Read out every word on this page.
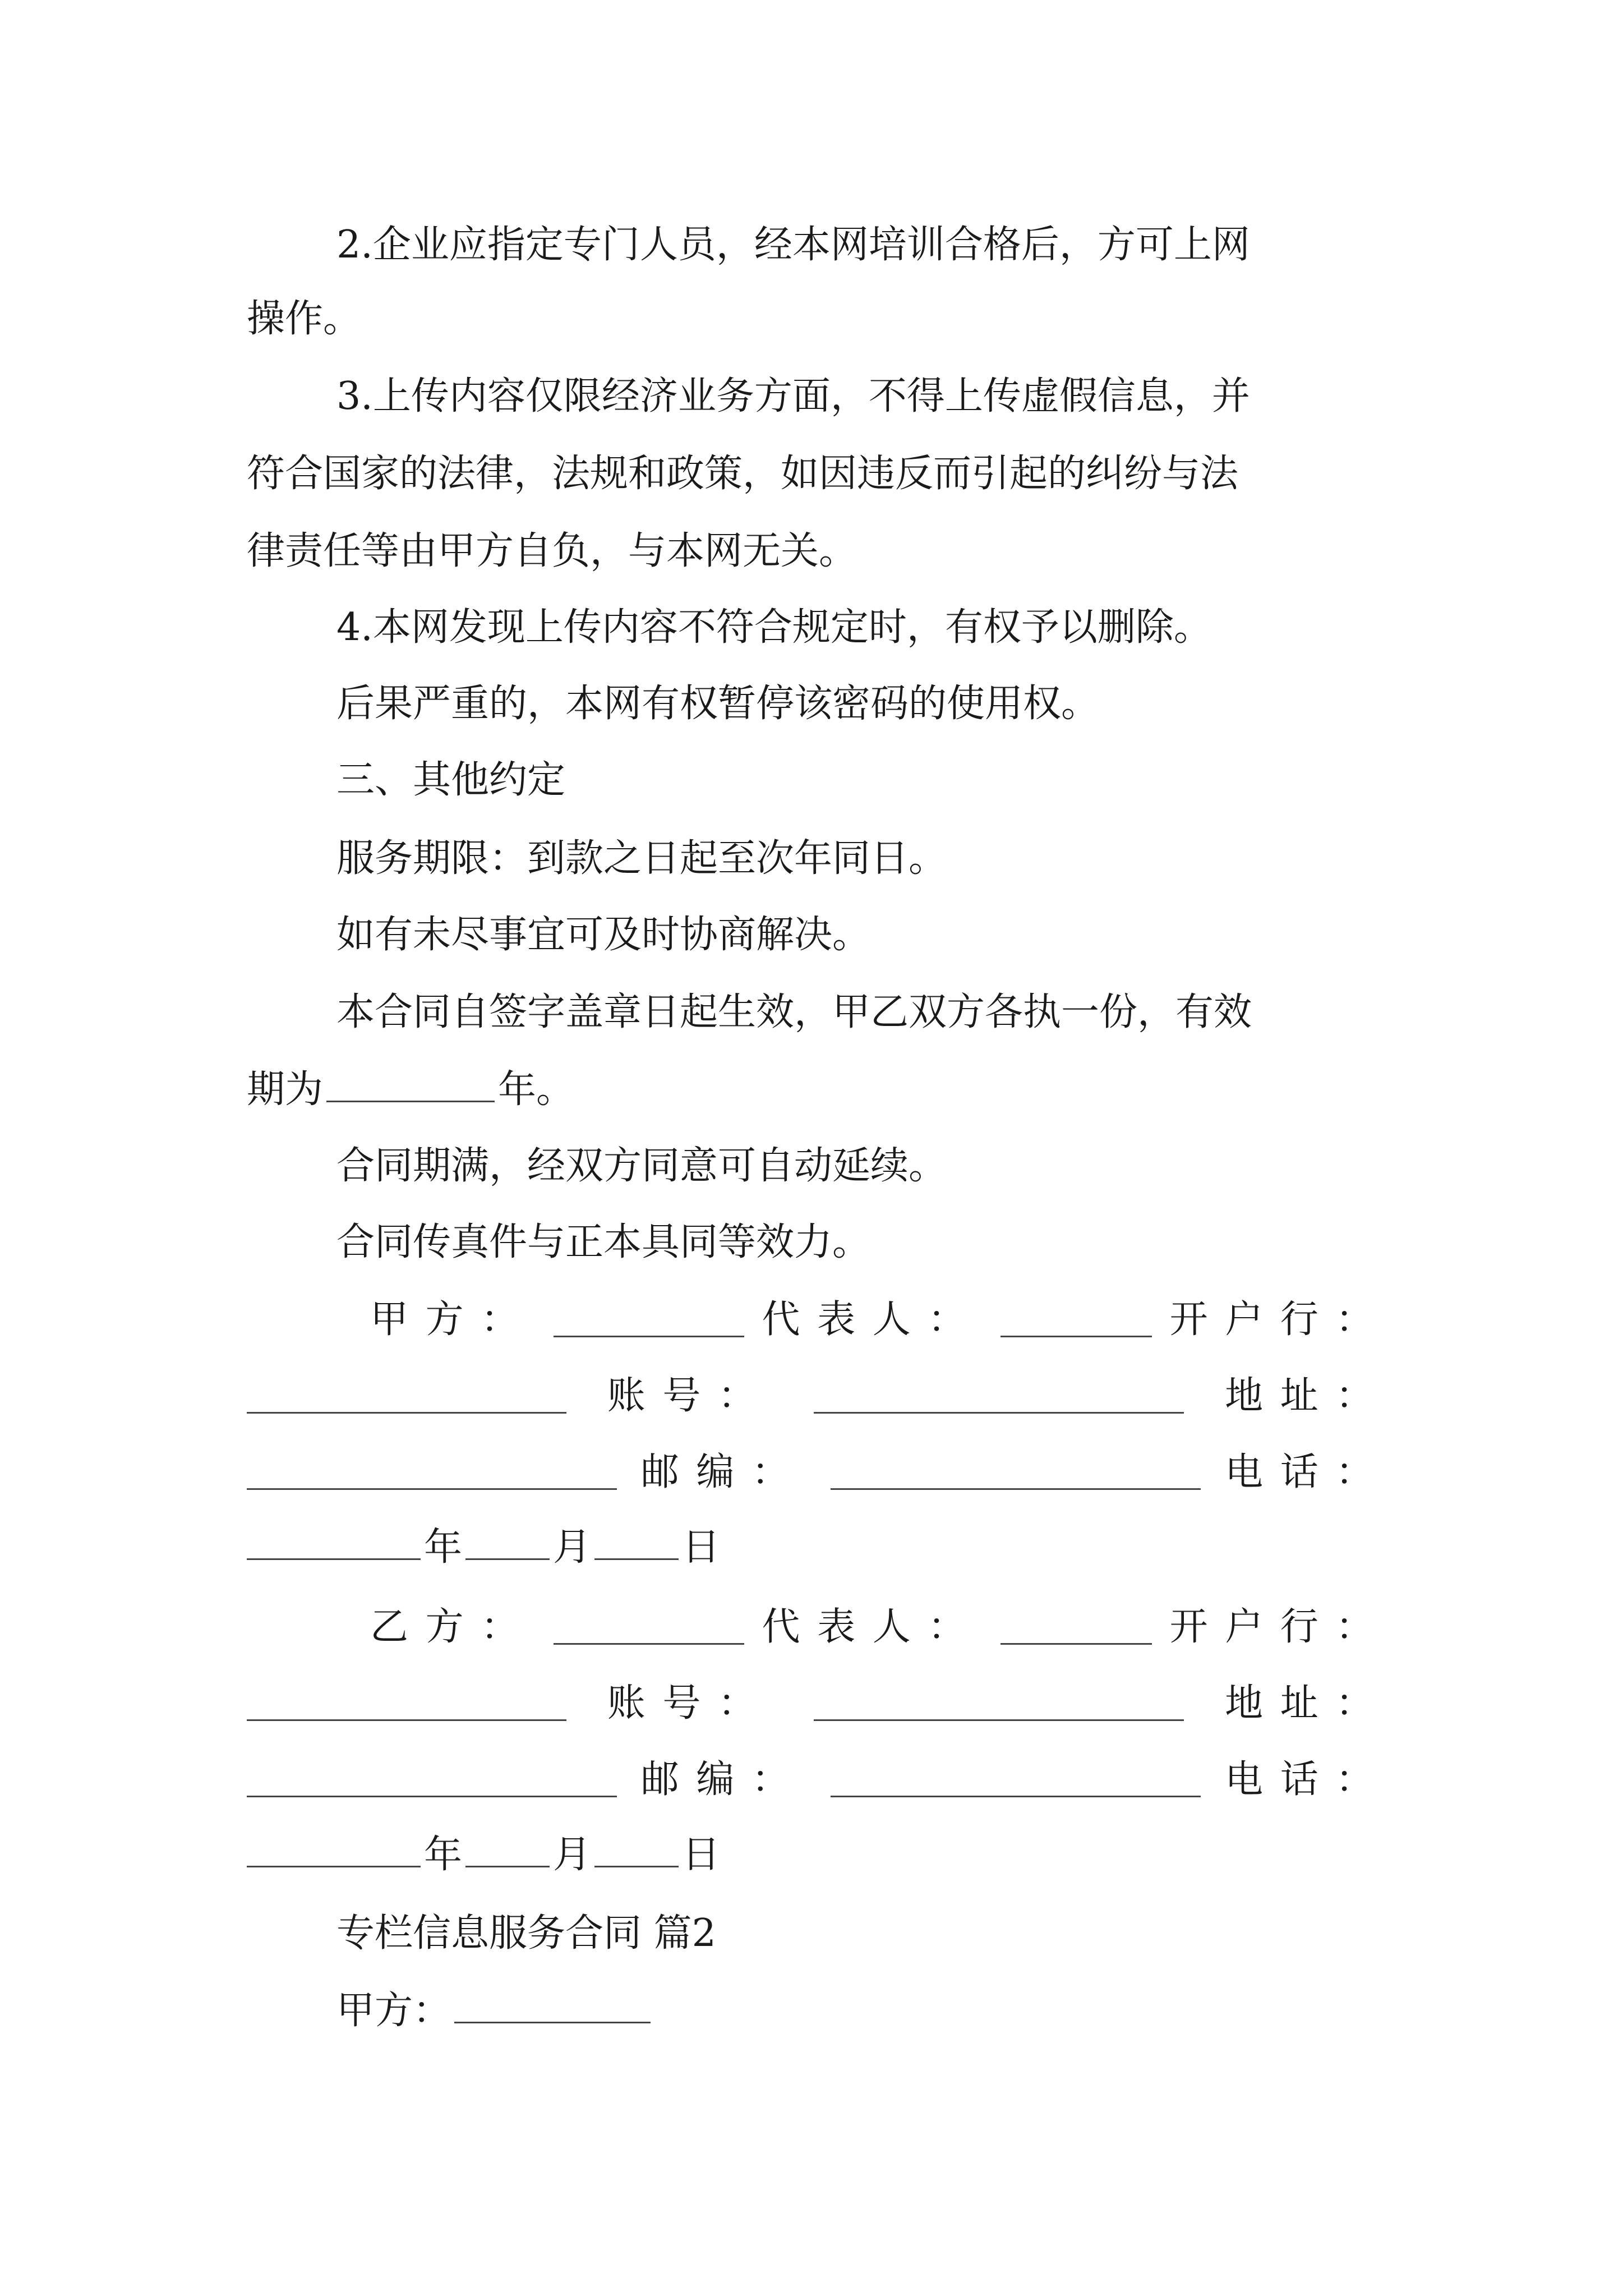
2.企业应指定专门人员，经本网培训合格后，方可上网
操作。
3.上传内容仅限经济业务方面，不得上传虚假信息，并
符合国家的法律，法规和政策，如因违反而引起的纠纷与法
律责任等由甲方自负，与本网无关。
4.本网发现上传内容不符合规定时，有权予以删除。
后果严重的，本网有权暂停该密码的使用权。
三、其他约定
服务期限：到款之日起至次年同日。
如有未尽事宜可及时协商解决。
本合同自签字盖章日起生效，甲乙双方各执一份，有效
期为	年。
合同期满，经双方同意可自动延续。
合同传真件与正本具同等效力。
甲方：	代表人：	开户行：
账号：	地址：
邮编：	电话：
年 月 日
乙方：	代表人：	开户行：
账号：	地址：
邮编：	电话：
年 月 日
专栏信息服务合同 篇2
甲方：
